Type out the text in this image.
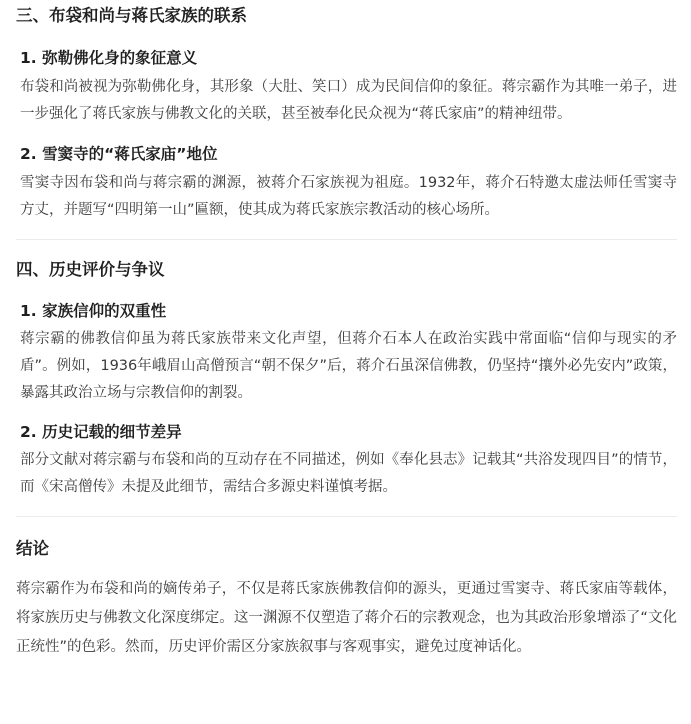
三、布袋和尚与蒋氏家族的联系
1. 弥勒佛化身的象征意义

布袋和尚被视为弥勒佛化身，其形象（大肚、笑口）成为民间信仰的象征。蒋宗霸作为其唯一弟子，进一步强化了蒋氏家族与佛教文化的关联，甚至被奉化民众视为“蒋氏家庙”的精神纽带。

2. 雪窦寺的“蒋氏家庙”地位

雪窦寺因布袋和尚与蒋宗霸的渊源，被蒋介石家族视为祖庭。1932年，蒋介石特邀太虚法师任雪窦寺方丈，并题写“四明第一山”匾额，使其成为蒋氏家族宗教活动的核心场所。

四、历史评价与争议
1. 家族信仰的双重性

蒋宗霸的佛教信仰虽为蒋氏家族带来文化声望，但蒋介石本人在政治实践中常面临“信仰与现实的矛盾”。例如，1936年峨眉山高僧预言“朝不保夕”后，蒋介石虽深信佛教，仍坚持“攘外必先安内”政策，暴露其政治立场与宗教信仰的割裂。

2. 历史记载的细节差异

部分文献对蒋宗霸与布袋和尚的互动存在不同描述，例如《奉化县志》记载其“共浴发现四目”的情节，而《宋高僧传》未提及此细节，需结合多源史料谨慎考据。

结论

蒋宗霸作为布袋和尚的嫡传弟子，不仅是蒋氏家族佛教信仰的源头，更通过雪窦寺、蒋氏家庙等载体，将家族历史与佛教文化深度绑定。这一渊源不仅塑造了蒋介石的宗教观念，也为其政治形象增添了“文化正统性”的色彩。然而，历史评价需区分家族叙事与客观事实，避免过度神话化。
